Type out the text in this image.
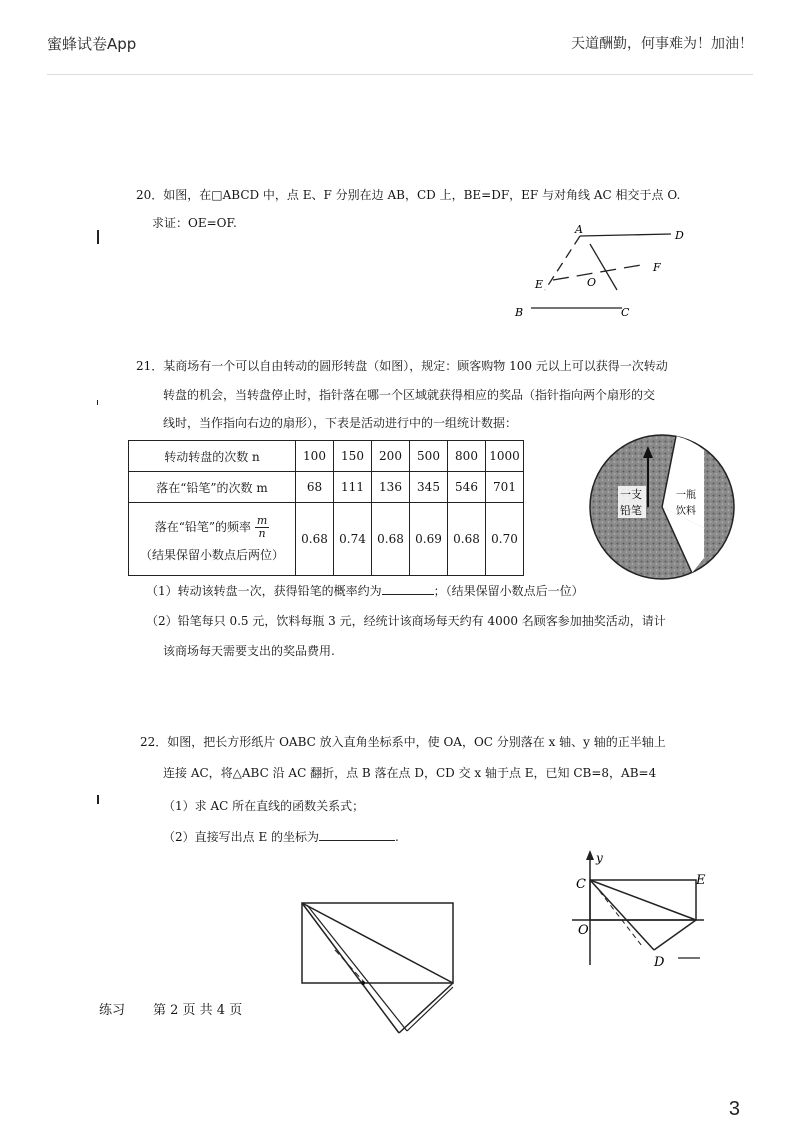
蜜蜂试卷App	天道酬勤，何事难为！加油！
20．如图，在□ABCD 中，点 E、F 分别在边 AB，CD 上，BE=DF，EF 与对角线 AC 相交于点 O.
求证：OE=OF.	A	D
E	O
F
B	C
21．某商场有一个可以自由转动的圆形转盘（如图），规定：顾客购物 100 元以上可以获得一次转动
转盘的机会，当转盘停止时，指针落在哪一个区域就获得相应的奖品（指针指向两个扇形的交
线时，当作指向右边的扇形），下表是活动进行中的一组统计数据：
转动转盘的次数 n	100	150	200	500	800	1000
落在“铅笔”的次数 m	68	111	136	345	546	701

落在“铅笔”的频率 $\frac{m}{n}$
（结果保留小数点后两位）	0.68	0.74	0.68	0.69	0.68	0.70
一支
铅笔
一瓶
饮料
（1）转动该转盘一次，获得铅笔的概率约为	；（结果保留小数点后一位）
（2）铅笔每只 0.5 元，饮料每瓶 3 元，经统计该商场每天约有 4000 名顾客参加抽奖活动，请计
该商场每天需要支出的奖品费用.
22．如图，把长方形纸片 OABC 放入直角坐标系中，使 OA，OC 分别落在 x 轴、y 轴的正半轴上
连接 AC，将△ABC 沿 AC 翻折，点 B 落在点 D，CD 交 x 轴于点 E，已知 CB=8，AB=4
（1）求 AC 所在直线的函数关系式；
（2）直接写出点 E 的坐标为	.
y
C	E
O
D
练习 第 2 页 共 4 页
3
